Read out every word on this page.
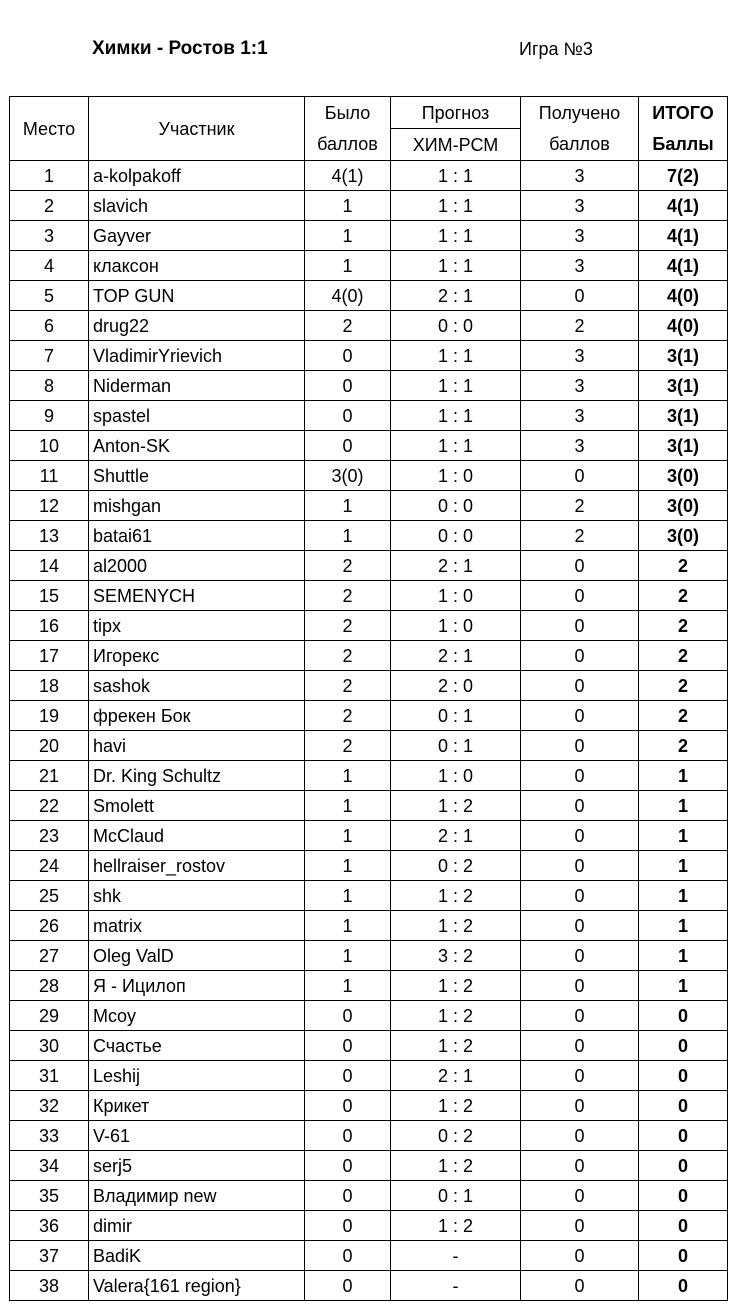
Химки - Ростов 1:1	Игра №3
Место	Участник	Было	Прогноз	Получено	ИТОГО
		баллов	ХИМ-РСМ	баллов	Баллы
1	a-kolpakoff	4(1)	1 : 1	3	7(2)
2	slavich	1	1 : 1	3	4(1)
3	Gayver	1	1 : 1	3	4(1)
4	клаксон	1	1 : 1	3	4(1)
5	TOP GUN	4(0)	2 : 1	0	4(0)
6	drug22	2	0 : 0	2	4(0)
7	VladimirYrievich	0	1 : 1	3	3(1)
8	Niderman	0	1 : 1	3	3(1)
9	spastel	0	1 : 1	3	3(1)
10	Anton-SK	0	1 : 1	3	3(1)
11	Shuttle	3(0)	1 : 0	0	3(0)
12	mishgan	1	0 : 0	2	3(0)
13	batai61	1	0 : 0	2	3(0)
14	al2000	2	2 : 1	0	2
15	SEMENYCH	2	1 : 0	0	2
16	tipx	2	1 : 0	0	2
17	Игорекс	2	2 : 1	0	2
18	sashok	2	2 : 0	0	2
19	фрекен Бок	2	0 : 1	0	2
20	havi	2	0 : 1	0	2
21	Dr. King Schultz	1	1 : 0	0	1
22	Smolett	1	1 : 2	0	1
23	McClaud	1	2 : 1	0	1
24	hellraiser_rostov	1	0 : 2	0	1
25	shk	1	1 : 2	0	1
26	matrix	1	1 : 2	0	1
27	Oleg ValD	1	3 : 2	0	1
28	Я - Ицилоп	1	1 : 2	0	1
29	Mcoy	0	1 : 2	0	0
30	Счастье	0	1 : 2	0	0
31	Leshij	0	2 : 1	0	0
32	Крикет	0	1 : 2	0	0
33	V-61	0	0 : 2	0	0
34	serj5	0	1 : 2	0	0
35	Владимир new	0	0 : 1	0	0
36	dimir	0	1 : 2	0	0
37	BadiK	0	-	0	0
38	Valera{161 region}	0	-	0	0
